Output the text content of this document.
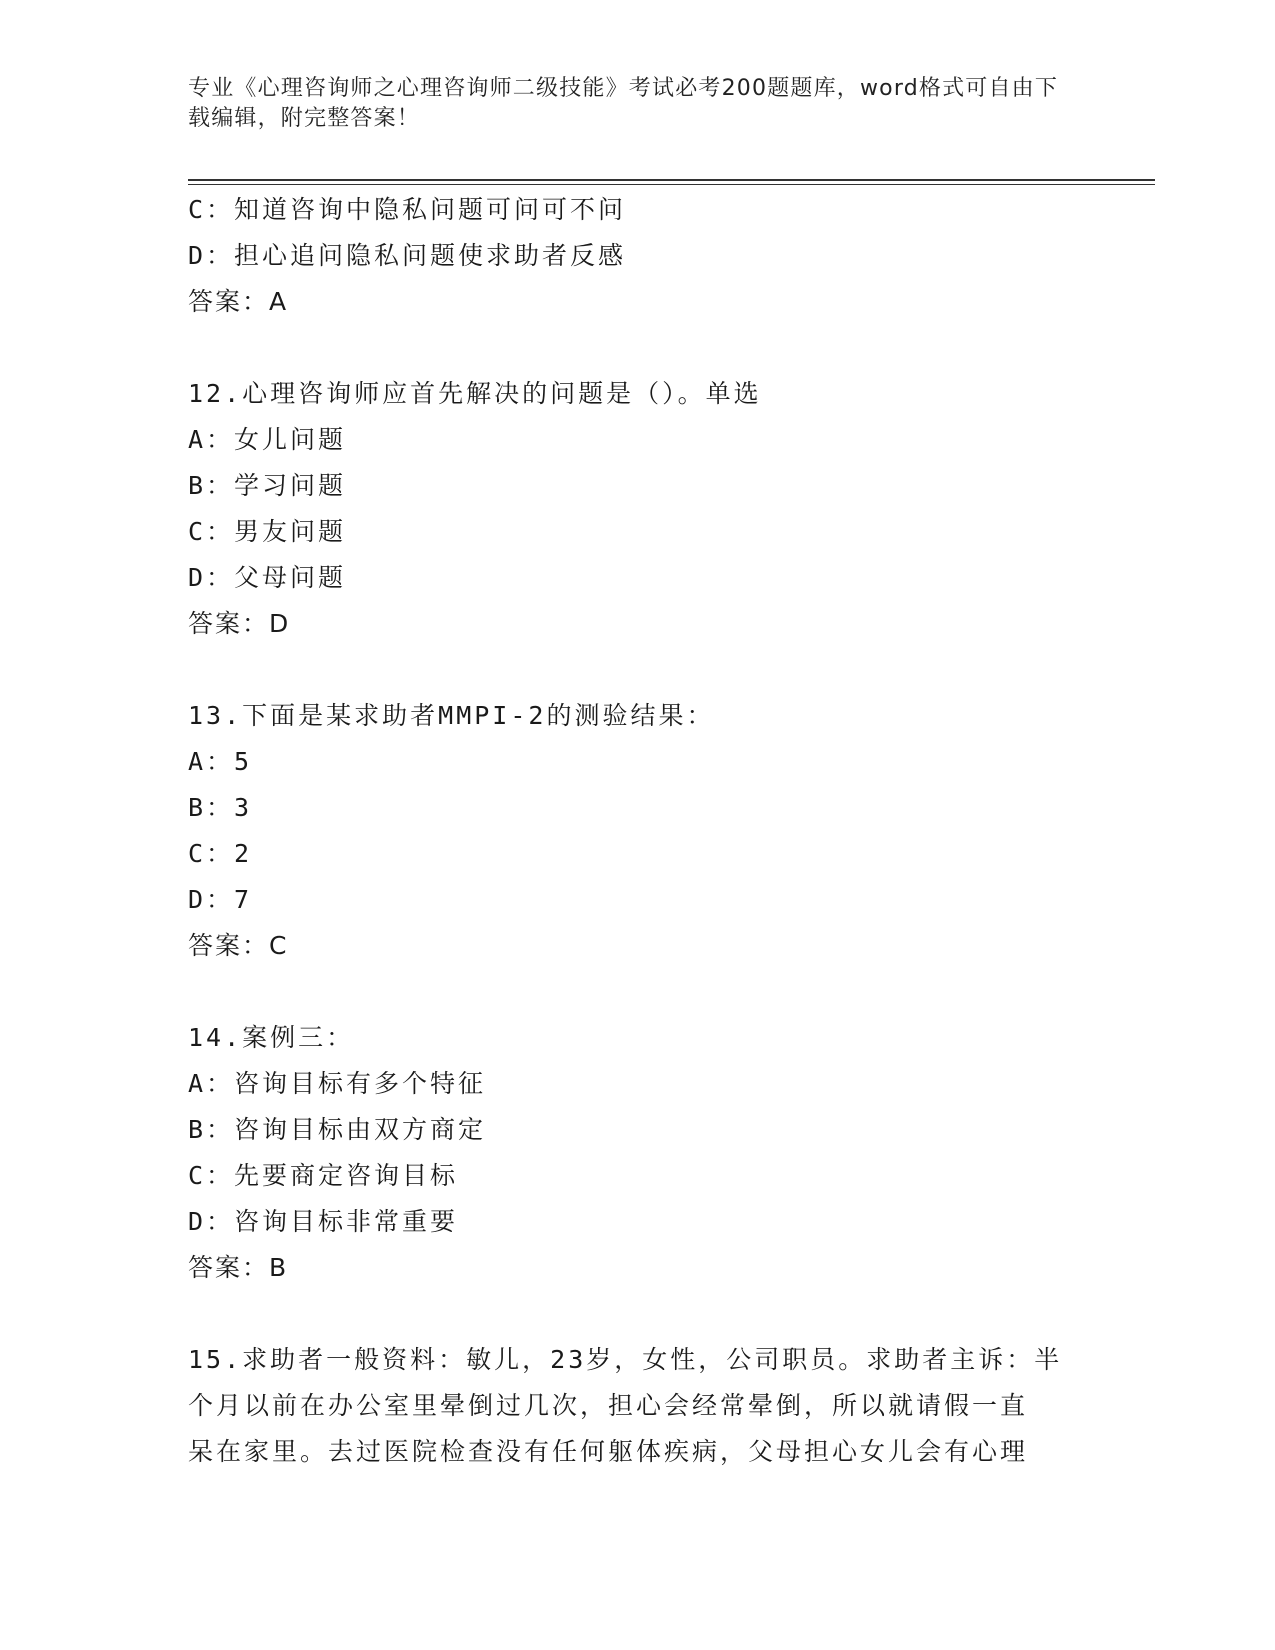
专业《心理咨询师之心理咨询师二级技能》考试必考200题题库，word格式可自由下载编辑，附完整答案！
C：知道咨询中隐私问题可问可不问
D：担心追问隐私问题使求助者反感
答案：A
12.心理咨询师应首先解决的问题是（）。单选
A：女儿问题
B：学习问题
C：男友问题
D：父母问题
答案：D
13.下面是某求助者MMPI-2的测验结果：
A：5
B：3
C：2
D：7
答案：C
14.案例三：
A：咨询目标有多个特征
B：咨询目标由双方商定
C：先要商定咨询目标
D：咨询目标非常重要
答案：B
15.求助者一般资料：敏儿，23岁，女性，公司职员。求助者主诉：半
个月以前在办公室里晕倒过几次，担心会经常晕倒，所以就请假一直
呆在家里。去过医院检查没有任何躯体疾病，父母担心女儿会有心理
